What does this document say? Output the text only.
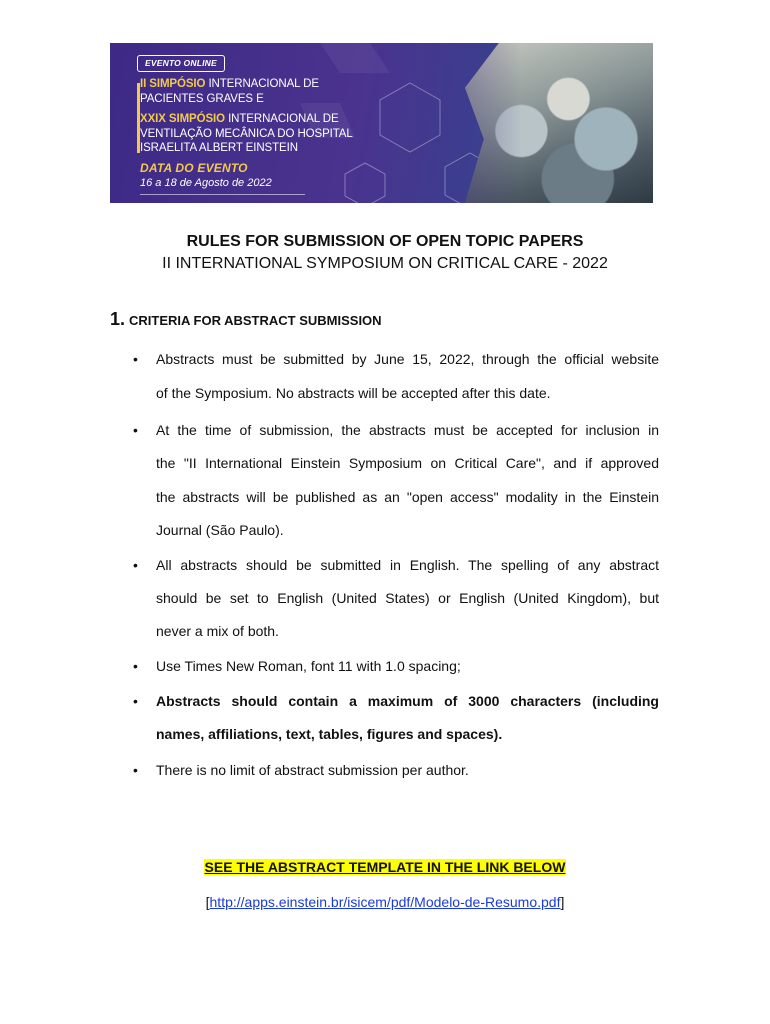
EVENTO ONLINE
II SIMPÓSIO INTERNACIONAL DE
PACIENTES GRAVES E
XXIX SIMPÓSIO INTERNACIONAL DE
VENTILAÇÃO MECÂNICA DO HOSPITAL
ISRAELITA ALBERT EINSTEIN
DATA DO EVENTO
16 a 18 de Agosto de 2022
RULES FOR SUBMISSION OF OPEN TOPIC PAPERS
II INTERNATIONAL SYMPOSIUM ON CRITICAL CARE - 2022
1. CRITERIA FOR ABSTRACT SUBMISSION
• Abstracts must be submitted by June 15, 2022, through the official website
of the Symposium. No abstracts will be accepted after this date.
• At the time of submission, the abstracts must be accepted for inclusion in
the "II International Einstein Symposium on Critical Care", and if approved
the abstracts will be published as an "open access" modality in the Einstein
Journal (São Paulo).
• All abstracts should be submitted in English. The spelling of any abstract
should be set to English (United States) or English (United Kingdom), but
never a mix of both.
• Use Times New Roman, font 11 with 1.0 spacing;
• Abstracts should contain a maximum of 3000 characters (including
names, affiliations, text, tables, figures and spaces).
• There is no limit of abstract submission per author.
SEE THE ABSTRACT TEMPLATE IN THE LINK BELOW
[http://apps.einstein.br/isicem/pdf/Modelo-de-Resumo.pdf]
